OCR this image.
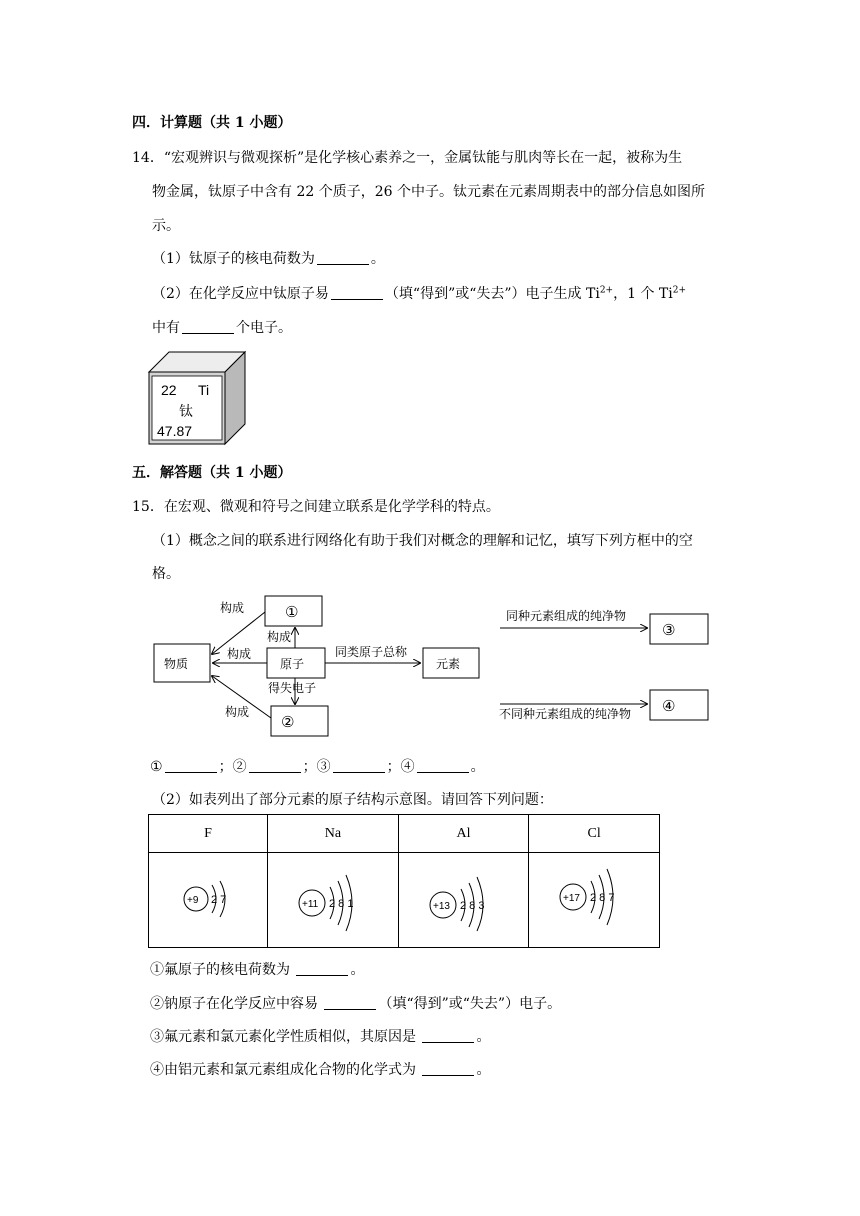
四．计算题（共 1 小题）
14．“宏观辨识与微观探析”是化学核心素养之一，金属钛能与肌肉等长在一起，被称为生
物金属，钛原子中含有 22 个质子，26 个中子。钛元素在元素周期表中的部分信息如图所
示。
（1）钛原子的核电荷数为	。
（2）在化学反应中钛原子易	（填“得到”或“失去”）电子生成 $Ti^{2+}$，1 个 $Ti^{2+}$
中有	个电子。
22 Ti
钛
47.87
五．解答题（共 1 小题）
15．在宏观、微观和符号之间建立联系是化学学科的特点。
（1）概念之间的联系进行网络化有助于我们对概念的理解和记忆，填写下列方框中的空
格。
物质
①
原子
②
元素
③
④
构成
构成
构成
构成
得失电子
同类原子总称
同种元素组成的纯净物
不同种元素组成的纯净物
①	；②	；③	；④	。
（2）如表列出了部分元素的原子结构示意图。请回答下列问题：
F	Na	Al	Cl

+9 2 7	+11 2 8 1	+13 2 8 3	+17 2 8 7
①氟原子的核电荷数为	。
②钠原子在化学反应中容易	（填“得到”或“失去”）电子。
③氟元素和氯元素化学性质相似，其原因是	。
④由铝元素和氯元素组成化合物的化学式为	。
